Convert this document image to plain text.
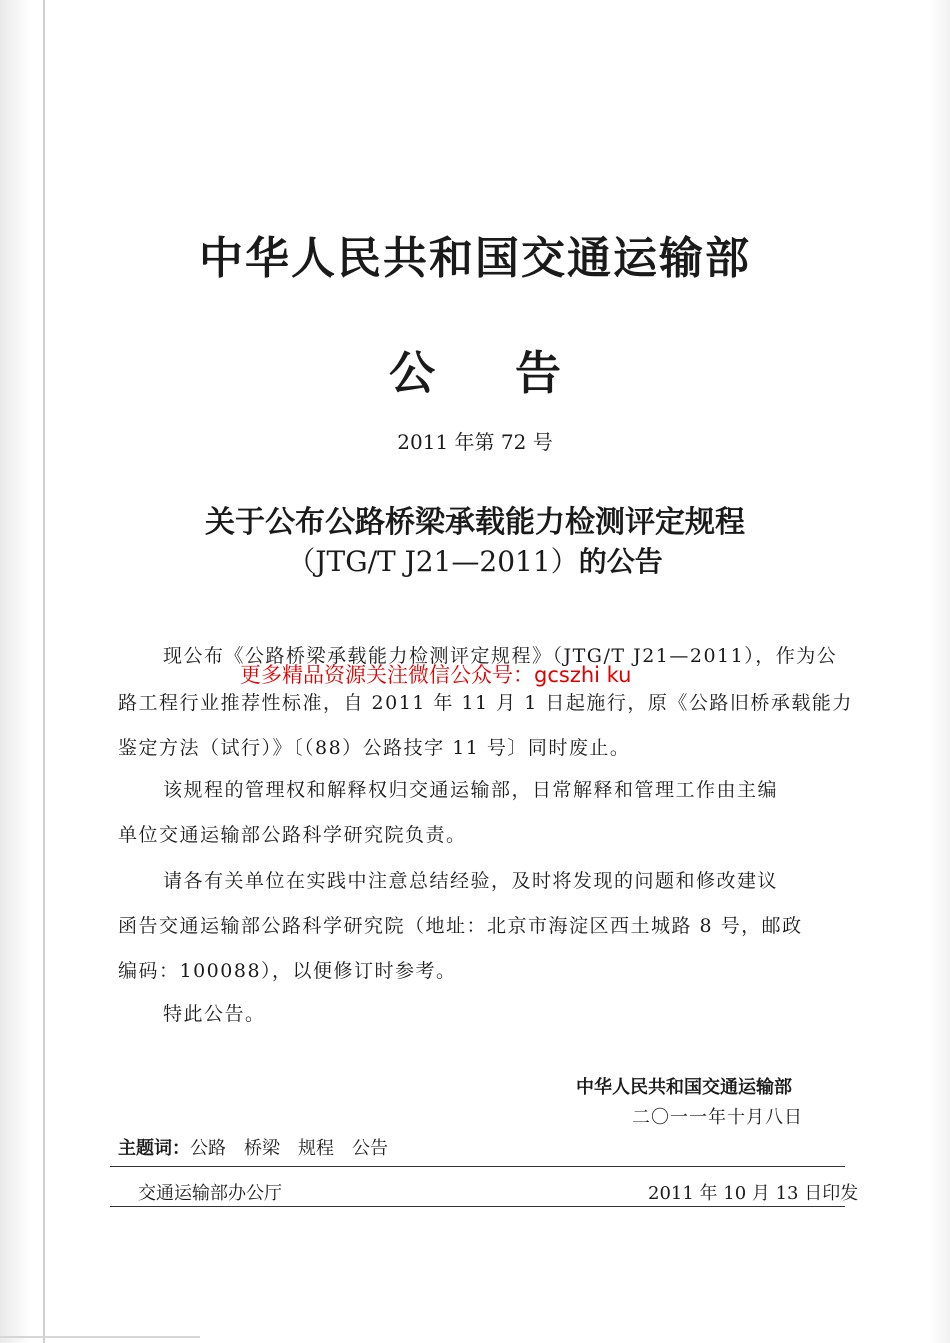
中华人民共和国交通运输部
公告
2011 年第 72 号
关于公布公路桥梁承载能力检测评定规程
（JTG/T J21—2011）的公告
现公布《公路桥梁承载能力检测评定规程》（JTG/T J21—2011），作为公
路工程行业推荐性标准，自 2011 年 11 月 1 日起施行，原《公路旧桥承载能力
鉴定方法（试行）》〔（88）公路技字 11 号〕同时废止。
该规程的管理权和解释权归交通运输部，日常解释和管理工作由主编
单位交通运输部公路科学研究院负责。
请各有关单位在实践中注意总结经验，及时将发现的问题和修改建议
函告交通运输部公路科学研究院（地址：北京市海淀区西土城路 8 号，邮政
编码：100088），以便修订时参考。
特此公告。
更多精品资源关注微信公众号：gcszhi ku
中华人民共和国交通运输部
二〇一一年十月八日
主题词：公路 桥梁 规程 公告
交通运输部办公厅	2011 年 10 月 13 日印发
